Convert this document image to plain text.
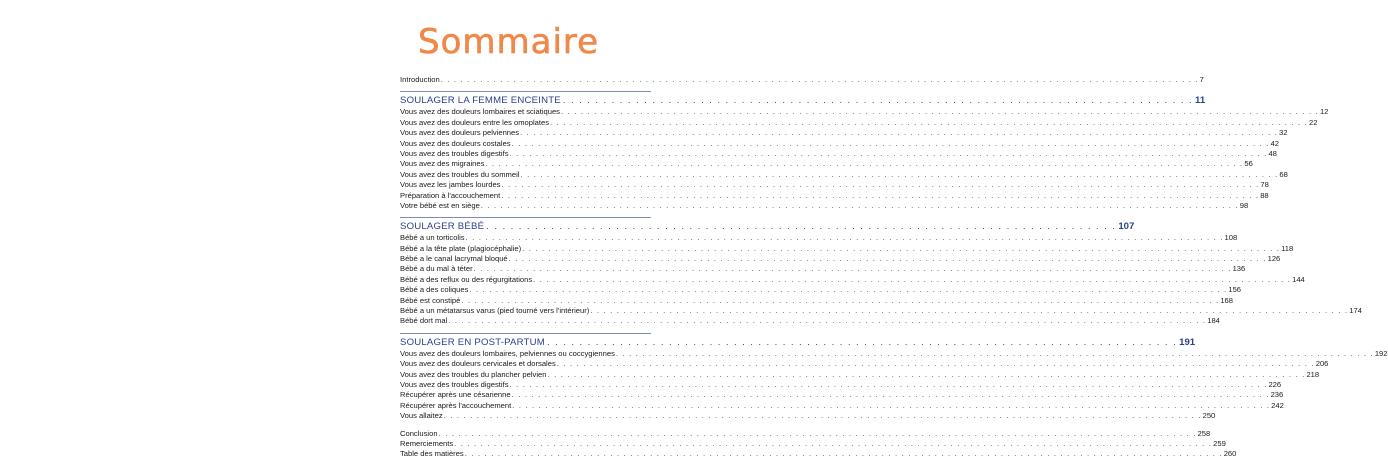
Sommaire
Introduction . . .	7
SOULAGER LA FEMME ENCEINTE . . .	11
Vous avez des douleurs lombaires et sciatiques . . .	12
Vous avez des douleurs entre les omoplates . . .	22
Vous avez des douleurs pelviennes . . .	32
Vous avez des douleurs costales . . .	42
Vous avez des troubles digestifs . . .	48
Vous avez des migraines . . .	56
Vous avez des troubles du sommeil . . .	68
Vous avez les jambes lourdes . . .	78
Préparation à l'accouchement . . .	88
Votre bébé est en siège . . .	98
SOULAGER BÉBÉ . . .	107
Bébé a un torticolis . . .	108
Bébé a la tête plate (plagiocéphalie) . . .	118
Bébé a le canal lacrymal bloqué . . .	126
Bébé a du mal à téter . . .	136
Bébé a des reflux ou des régurgitations . . .	144
Bébé a des coliques . . .	156
Bébé est constipé . . .	168
Bébé a un métatarsus varus (pied tourné vers l'intérieur) . . .	174
Bébé dort mal . . .	184
SOULAGER EN POST-PARTUM . . .	191
Vous avez des douleurs lombaires, pelviennes ou coccygiennes . . .	192
Vous avez des douleurs cervicales et dorsales . . .	206
Vous avez des troubles du plancher pelvien . . .	218
Vous avez des troubles digestifs . . .	226
Récupérer après une césarienne . . .	236
Récupérer après l'accouchement . . .	242
Vous allaitez . . .	250
Conclusion . . .	258
Remerciements . . .	259
Table des matières . . .	260
